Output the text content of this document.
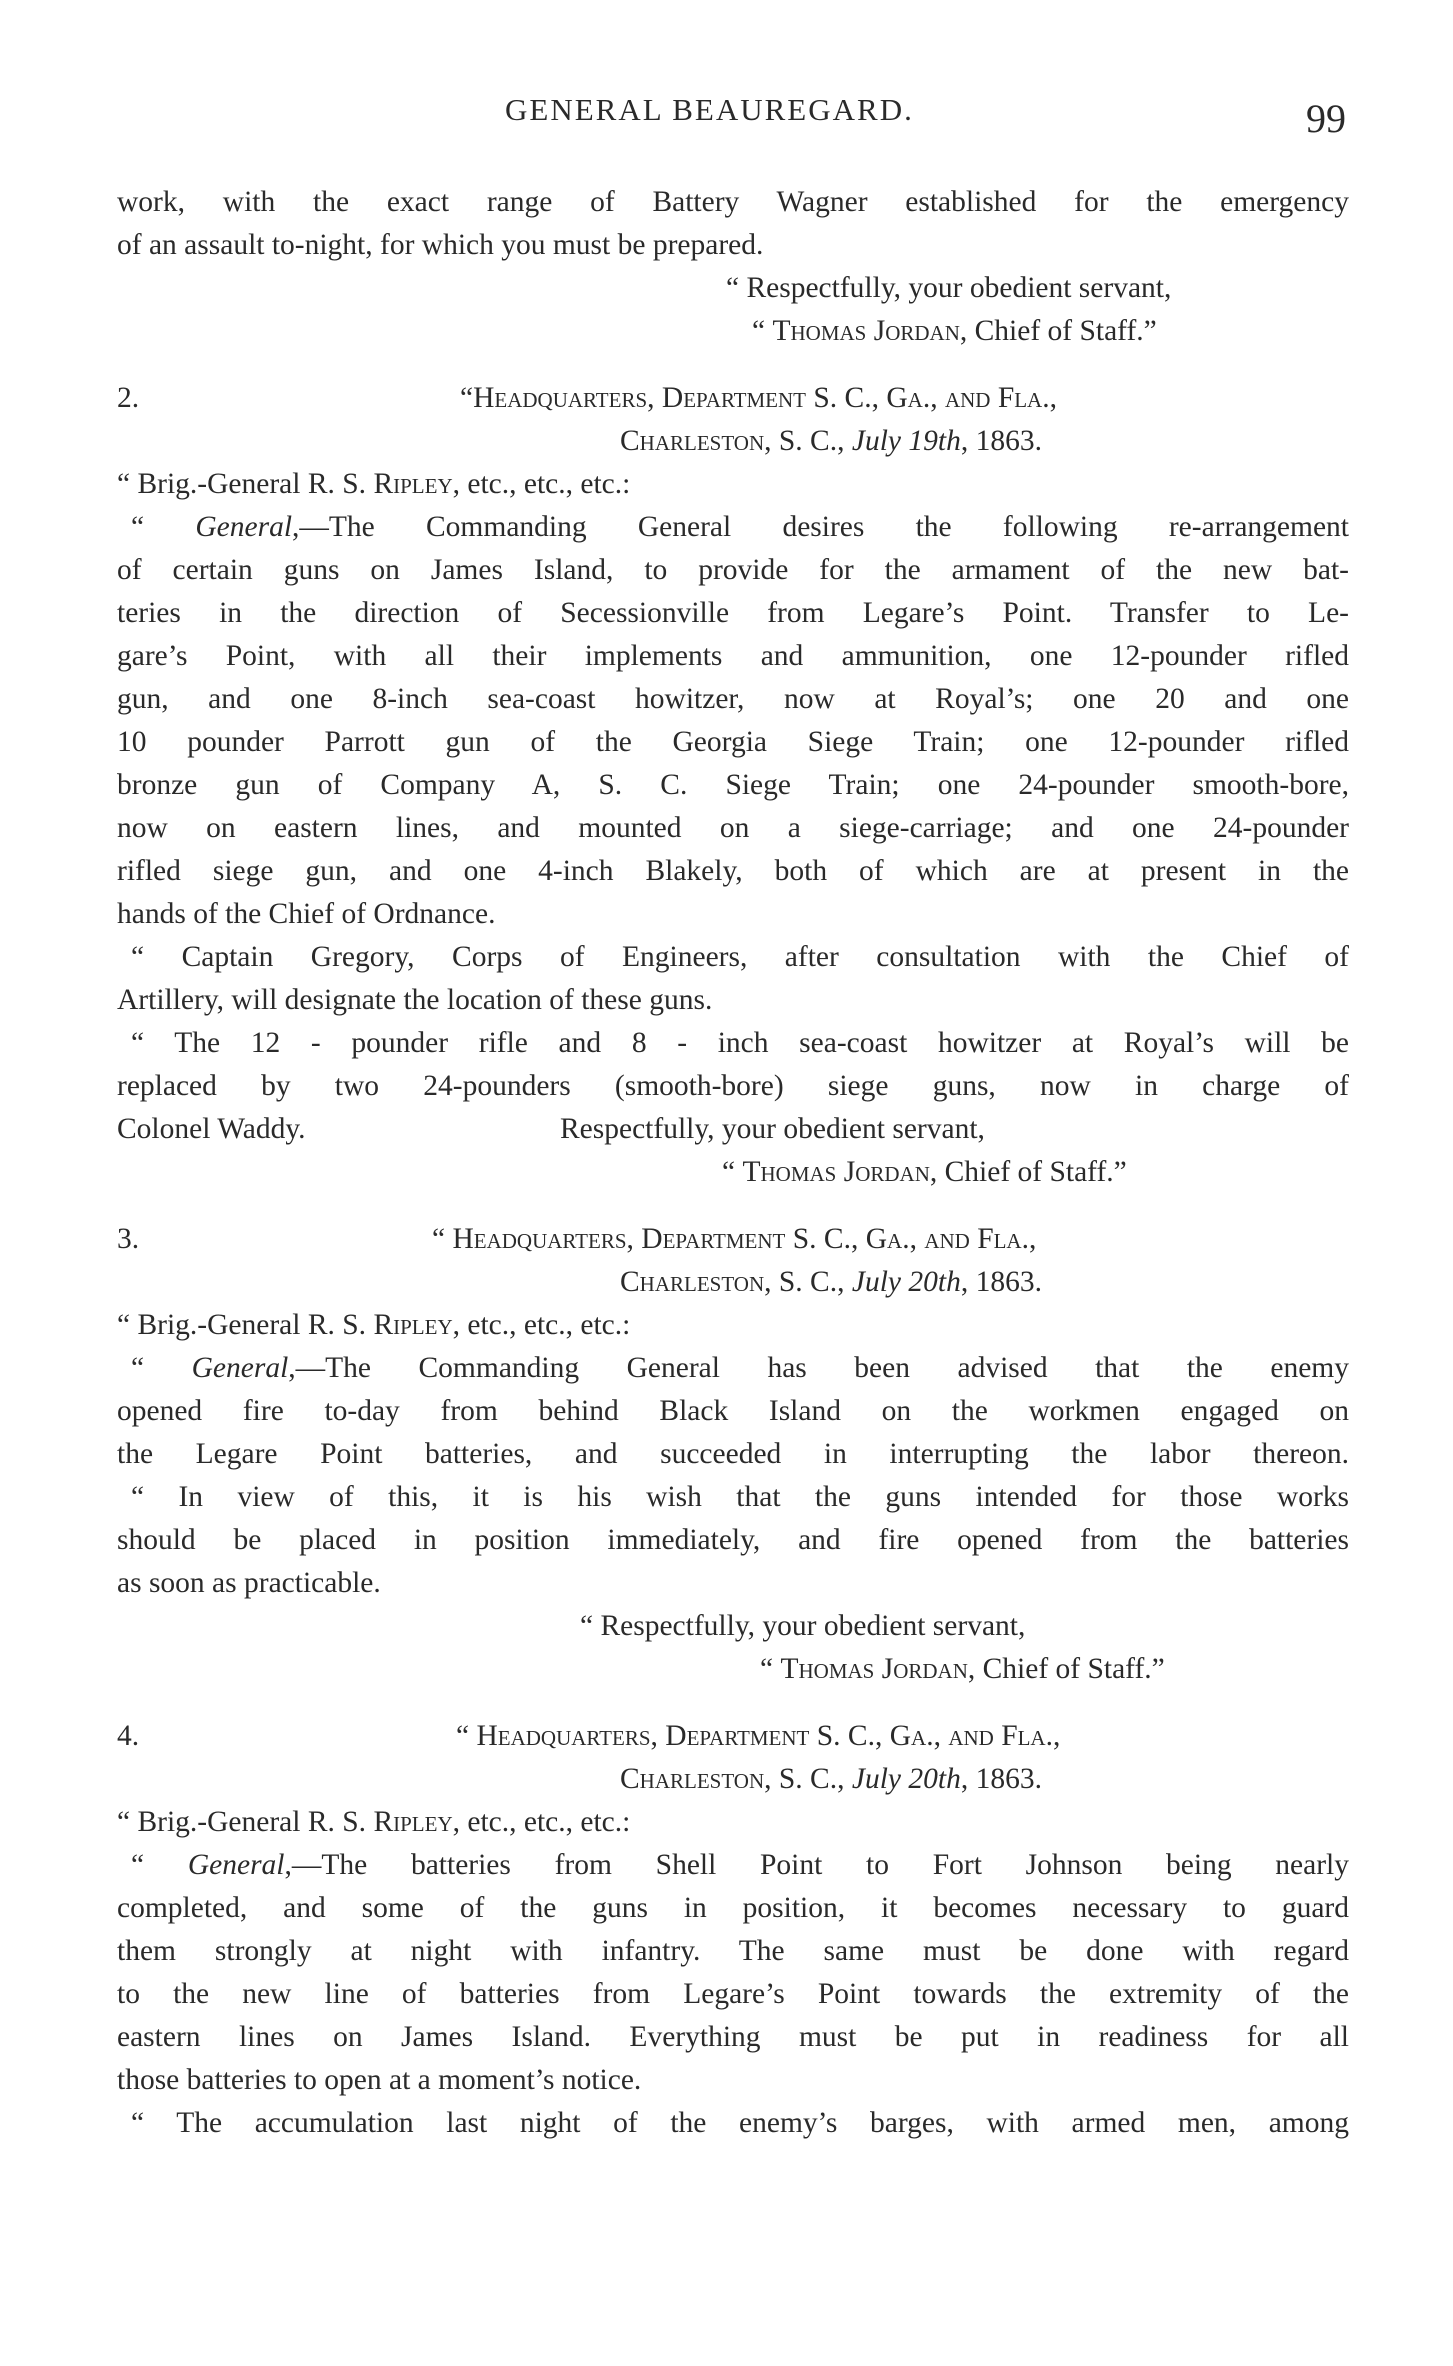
GENERAL BEAUREGARD.	99
work, with the exact range of Battery Wagner established for the emergency
of an assault to-night, for which you must be prepared.
“ Respectfully, your obedient servant,
“ Thomas Jordan, Chief of Staff.”
2.	“Headquarters, Department S. C., Ga., and Fla.,
Charleston, S. C., July 19th, 1863.
“ Brig.-General R. S. Ripley, etc., etc., etc.:
“ General,—The Commanding General desires the following re-arrangement
of certain guns on James Island, to provide for the armament of the new bat-
teries in the direction of Secessionville from Legare’s Point. Transfer to Le-
gare’s Point, with all their implements and ammunition, one 12-pounder rifled
gun, and one 8-inch sea-coast howitzer, now at Royal’s; one 20 and one
10 pounder Parrott gun of the Georgia Siege Train; one 12-pounder rifled
bronze gun of Company A, S. C. Siege Train; one 24-pounder smooth-bore,
now on eastern lines, and mounted on a siege-carriage; and one 24-pounder
rifled siege gun, and one 4-inch Blakely, both of which are at present in the
hands of the Chief of Ordnance.
“ Captain Gregory, Corps of Engineers, after consultation with the Chief of
Artillery, will designate the location of these guns.
“ The 12 - pounder rifle and 8 - inch sea-coast howitzer at Royal’s will be
replaced by two 24-pounders (smooth-bore) siege guns, now in charge of
Colonel Waddy.	Respectfully, your obedient servant,
“ Thomas Jordan, Chief of Staff.”
3.	“ Headquarters, Department S. C., Ga., and Fla.,
Charleston, S. C., July 20th, 1863.
“ Brig.-General R. S. Ripley, etc., etc., etc.:
“ General,—The Commanding General has been advised that the enemy
opened fire to-day from behind Black Island on the workmen engaged on
the Legare Point batteries, and succeeded in interrupting the labor thereon.
“ In view of this, it is his wish that the guns intended for those works
should be placed in position immediately, and fire opened from the batteries
as soon as practicable.
“ Respectfully, your obedient servant,
“ Thomas Jordan, Chief of Staff.”
4.	“ Headquarters, Department S. C., Ga., and Fla.,
Charleston, S. C., July 20th, 1863.
“ Brig.-General R. S. Ripley, etc., etc., etc.:
“ General,—The batteries from Shell Point to Fort Johnson being nearly
completed, and some of the guns in position, it becomes necessary to guard
them strongly at night with infantry. The same must be done with regard
to the new line of batteries from Legare’s Point towards the extremity of the
eastern lines on James Island. Everything must be put in readiness for all
those batteries to open at a moment’s notice.
“ The accumulation last night of the enemy’s barges, with armed men, among
